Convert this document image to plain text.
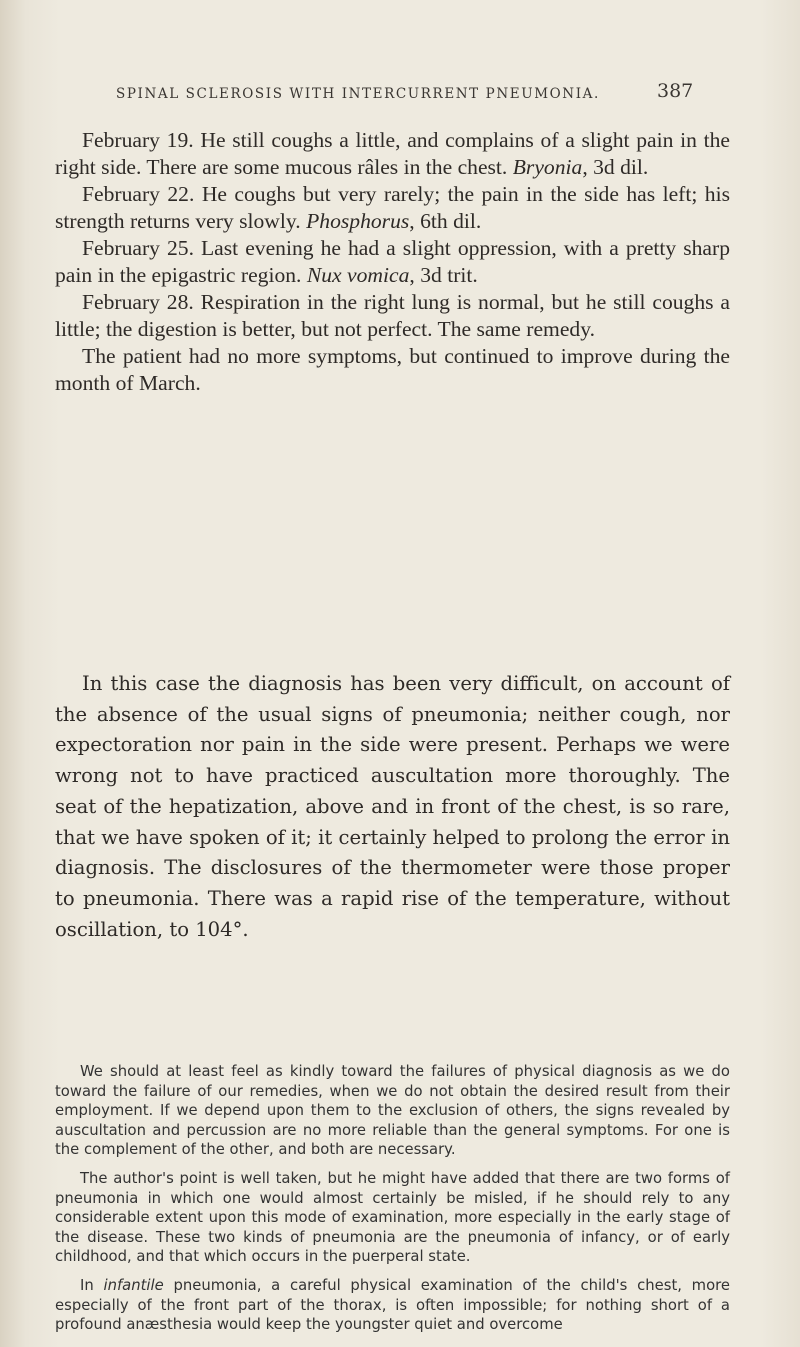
SPINAL SCLEROSIS WITH INTERCURRENT PNEUMONIA.	387

February 19. He still coughs a little, and complains of a slight pain in the right side. There are some mucous râles in the chest. Bryonia, 3d dil.

February 22. He coughs but very rarely; the pain in the side has left; his strength returns very slowly. Phosphorus, 6th dil.

February 25. Last evening he had a slight oppression, with a pretty sharp pain in the epigastric region. Nux vomica, 3d trit.

February 28. Respiration in the right lung is normal, but he still coughs a little; the digestion is better, but not perfect. The same remedy.

The patient had no more symptoms, but continued to improve during the month of March.

In this case the diagnosis has been very difficult, on account of the absence of the usual signs of pneumonia; neither cough, nor expectoration nor pain in the side were present. Perhaps we were wrong not to have practiced auscultation more thoroughly. The seat of the hepatization, above and in front of the chest, is so rare, that we have spoken of it; it certainly helped to prolong the error in diagnosis. The disclosures of the thermometer were those proper to pneumonia. There was a rapid rise of the temperature, without oscillation, to 104°.

We should at least feel as kindly toward the failures of physical diagnosis as we do toward the failure of our remedies, when we do not obtain the desired result from their employment. If we depend upon them to the exclusion of others, the signs revealed by auscultation and percussion are no more reliable than the general symptoms. For one is the complement of the other, and both are necessary.

The author's point is well taken, but he might have added that there are two forms of pneumonia in which one would almost certainly be misled, if he should rely to any considerable extent upon this mode of examination, more especially in the early stage of the disease. These two kinds of pneumonia are the pneumonia of infancy, or of early childhood, and that which occurs in the puerperal state.

In infantile pneumonia, a careful physical examination of the child's chest, more especially of the front part of the thorax, is often impossible; for nothing short of a profound anæsthesia would keep the youngster quiet and overcome
